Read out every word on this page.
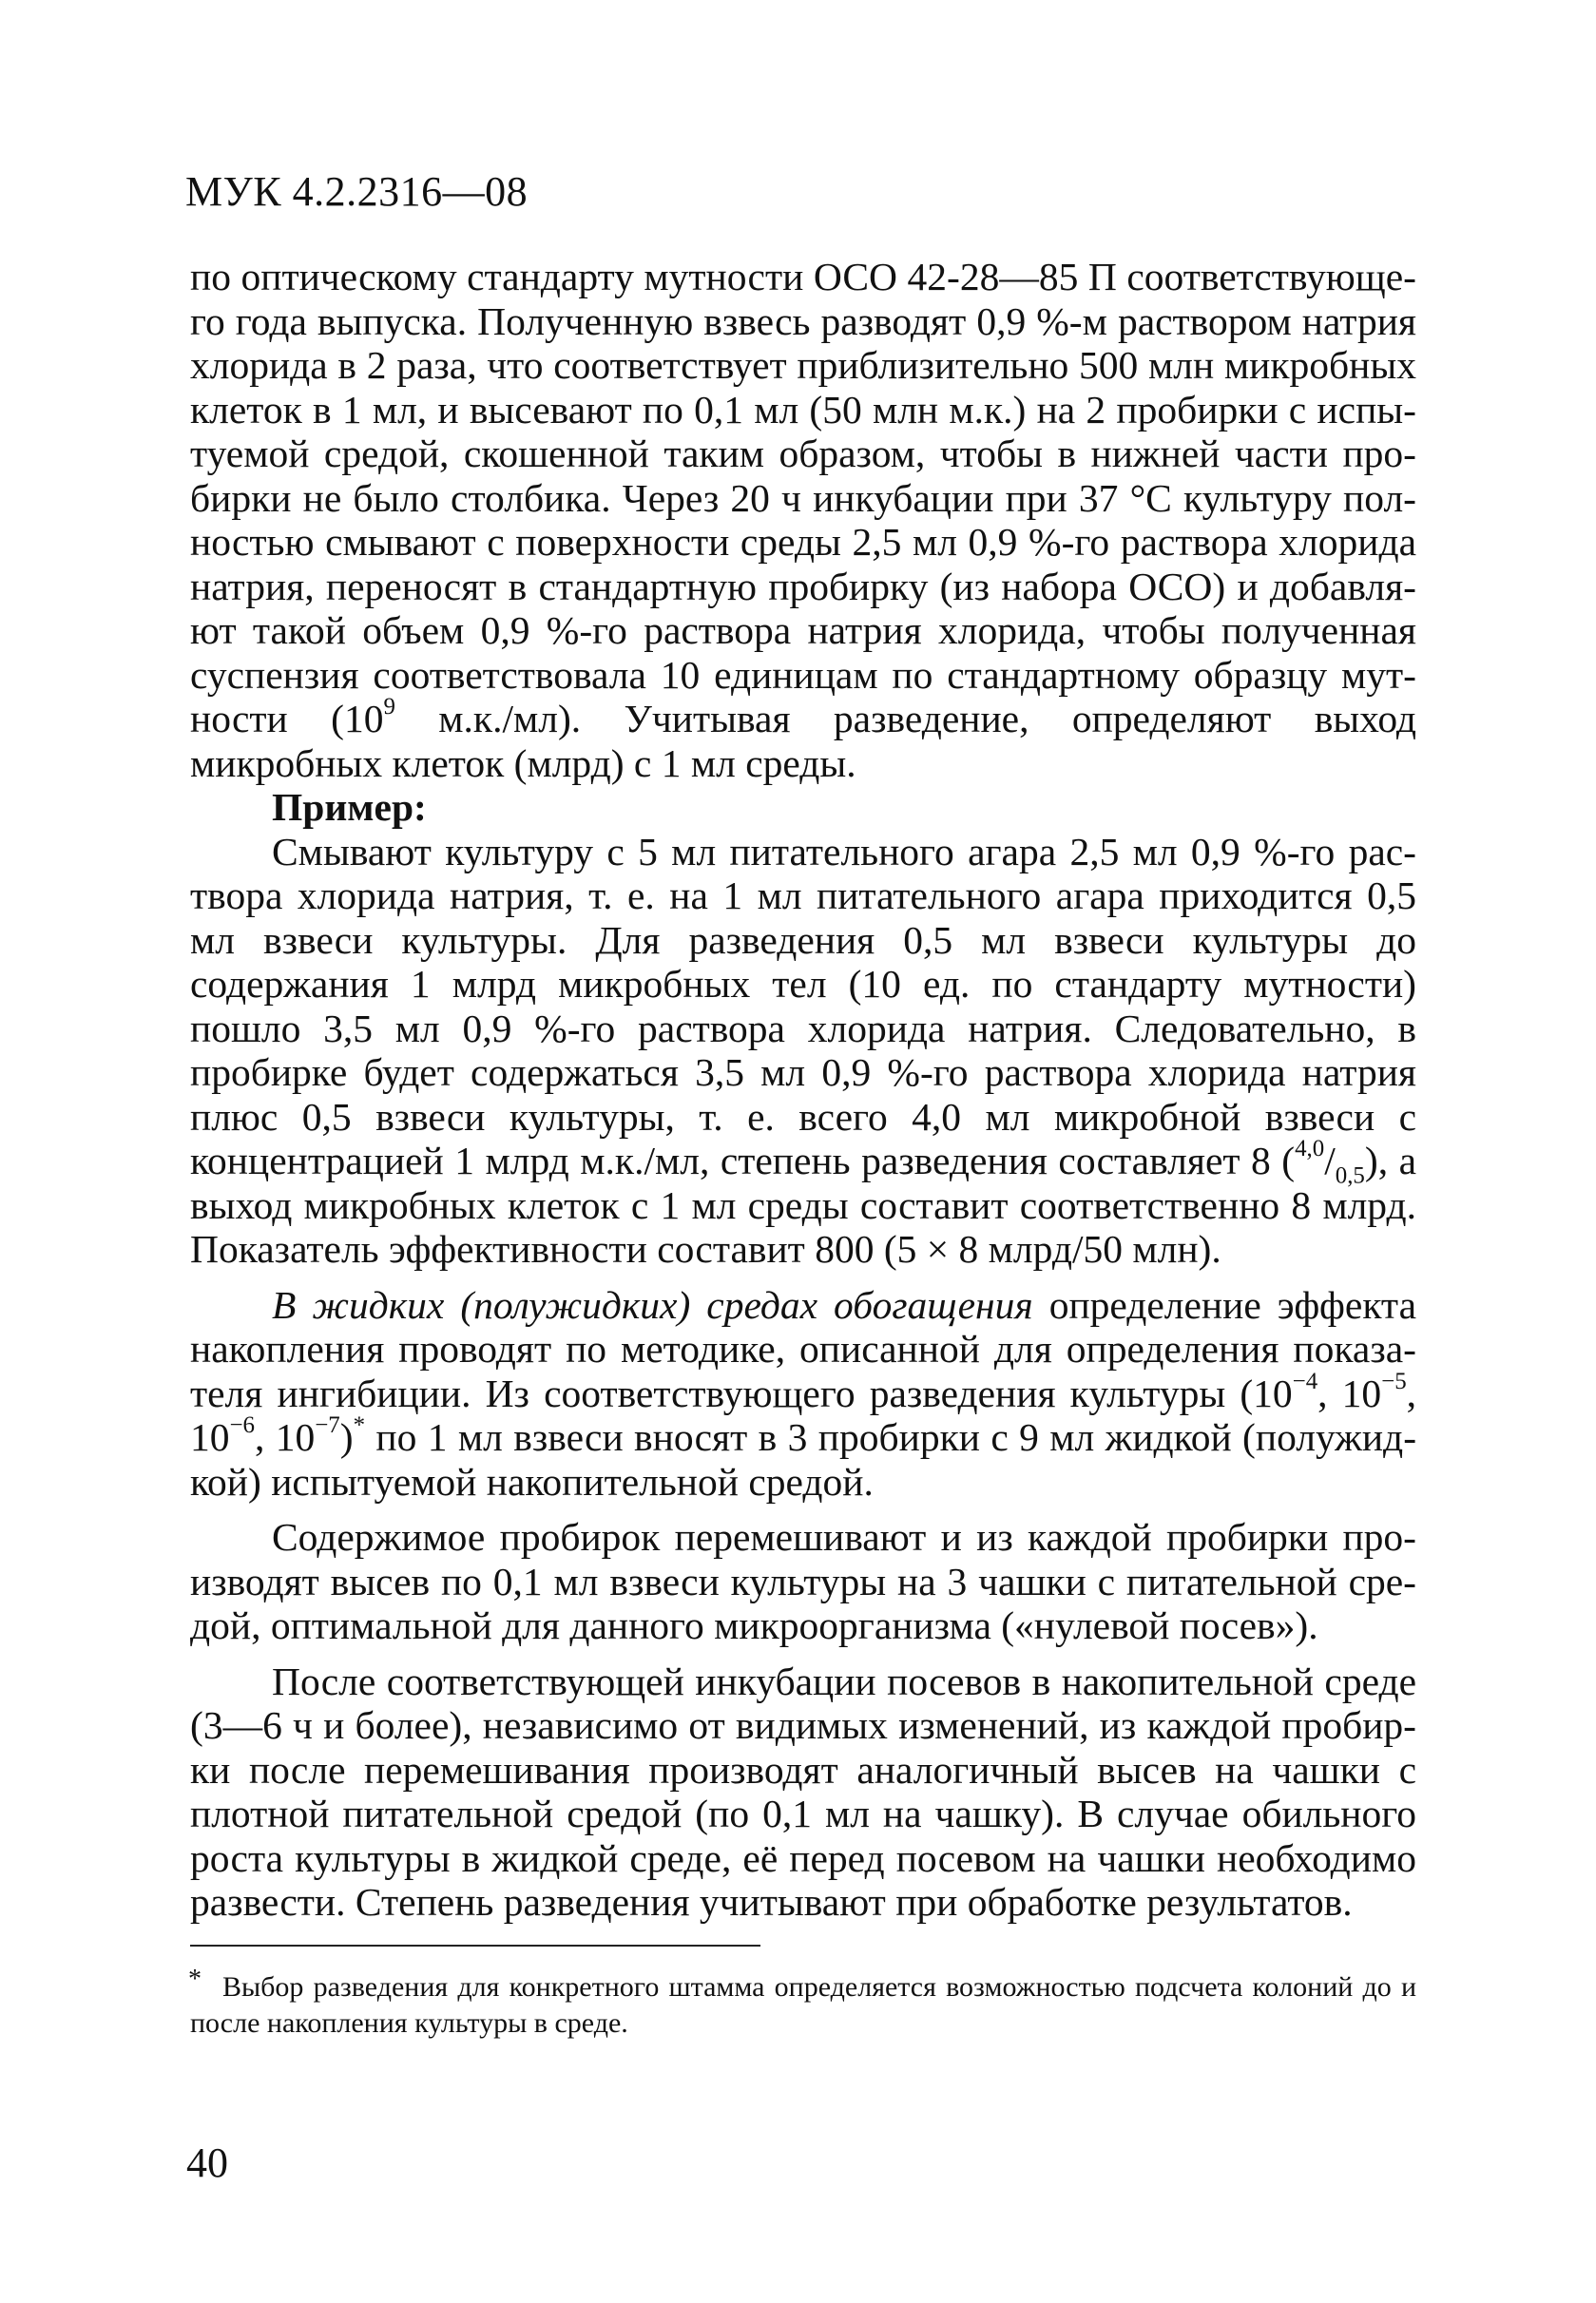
МУК 4.2.2316—08

по оптическому стандарту мутности ОСО 42-28—85 П соответствующего года выпуска. Полученную взвесь разводят 0,9 %-м раствором натрия хлорида в 2 раза, что соответствует приблизительно 500 млн микробных клеток в 1 мл, и высевают по 0,1 мл (50 млн м.к.) на 2 пробирки с испытуемой средой, скошенной таким образом, чтобы в нижней части пробирки не было столбика. Через 20 ч инкубации при 37 °С культуру полностью смывают с поверхности среды 2,5 мл 0,9 %-го раствора хлорида натрия, переносят в стандартную пробирку (из набора ОСО) и добавляют такой объем 0,9 %-го раствора натрия хлорида, чтобы полученная суспензия соответствовала 10 единицам по стандартному образцу мутности ($10^9$ м.к./мл). Учитывая разведение, определяют выход микробных клеток (млрд) с 1 мл среды.

Пример:

Смывают культуру с 5 мл питательного агара 2,5 мл 0,9 %-го раствора хлорида натрия, т. е. на 1 мл питательного агара приходится 0,5 мл взвеси культуры. Для разведения 0,5 мл взвеси культуры до содержания 1 млрд микробных тел (10 ед. по стандарту мутности) пошло 3,5 мл 0,9 %-го раствора хлорида натрия. Следовательно, в пробирке будет содержаться 3,5 мл 0,9 %-го раствора хлорида натрия плюс 0,5 взвеси культуры, т. е. всего 4,0 мл микробной взвеси с концентрацией 1 млрд м.к./мл, степень разведения составляет 8 $(^{4,0}/_{0,5})$, а выход микробных клеток с 1 мл среды составит соответственно 8 млрд. Показатель эффективности составит 800 (5 × 8 млрд/50 млн).

В жидких (полужидких) средах обогащения определение эффекта накопления проводят по методике, описанной для определения показателя ингибиции. Из соответствующего разведения культуры ($10^{-4}$, $10^{-5}$, $10^{-6}$, $10^{-7})^*$ по 1 мл взвеси вносят в 3 пробирки с 9 мл жидкой (полужидкой) испытуемой накопительной средой.

Содержимое пробирок перемешивают и из каждой пробирки производят высев по 0,1 мл взвеси культуры на 3 чашки с питательной средой, оптимальной для данного микроорганизма («нулевой посев»).

После соответствующей инкубации посевов в накопительной среде (3—6 ч и более), независимо от видимых изменений, из каждой пробирки после перемешивания производят аналогичный высев на чашки с плотной питательной средой (по 0,1 мл на чашку). В случае обильного роста культуры в жидкой среде, её перед посевом на чашки необходимо развести. Степень разведения учитывают при обработке результатов.

* Выбор разведения для конкретного штамма определяется возможностью подсчета колоний до и после накопления культуры в среде.

40
